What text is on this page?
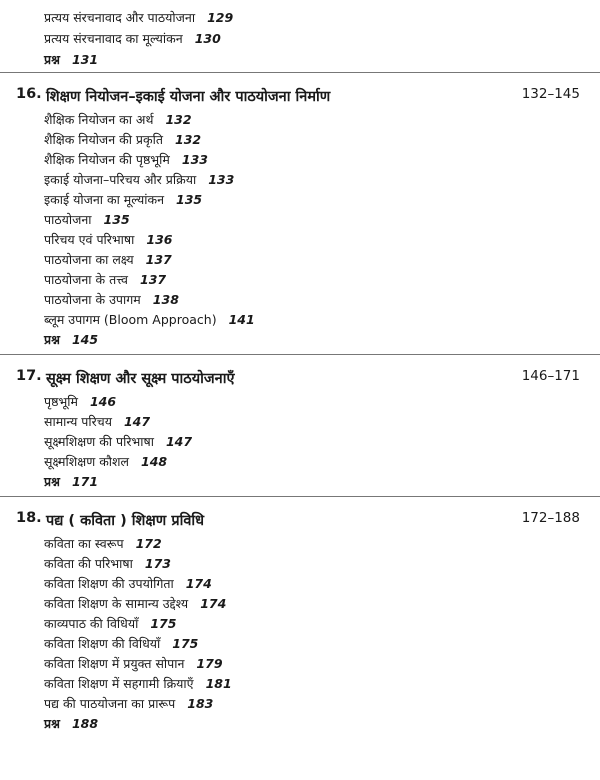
प्रत्यय संरचनावाद और पाठयोजना 129
प्रत्यय संरचनावाद का मूल्यांकन 130
प्रश्न 131
16. शिक्षण नियोजन–इकाई योजना और पाठयोजना निर्माण	132–145
शैक्षिक नियोजन का अर्थ 132
शैक्षिक नियोजन की प्रकृति 132
शैक्षिक नियोजन की पृष्ठभूमि 133
इकाई योजना–परिचय और प्रक्रिया 133
इकाई योजना का मूल्यांकन 135
पाठयोजना 135
परिचय एवं परिभाषा 136
पाठयोजना का लक्ष्य 137
पाठयोजना के तत्त्व 137
पाठयोजना के उपागम 138
ब्लूम उपागम (Bloom Approach) 141
प्रश्न 145
17. सूक्ष्म शिक्षण और सूक्ष्म पाठयोजनाएँ	146–171
पृष्ठभूमि 146
सामान्य परिचय 147
सूक्ष्मशिक्षण की परिभाषा 147
सूक्ष्मशिक्षण कौशल 148
प्रश्न 171
18. पद्य ( कविता ) शिक्षण प्रविधि	172–188
कविता का स्वरूप 172
कविता की परिभाषा 173
कविता शिक्षण की उपयोगिता 174
कविता शिक्षण के सामान्य उद्देश्य 174
काव्यपाठ की विधियाँ 175
कविता शिक्षण की विधियाँ 175
कविता शिक्षण में प्रयुक्त सोपान 179
कविता शिक्षण में सहगामी क्रियाएँ 181
पद्य की पाठयोजना का प्रारूप 183
प्रश्न 188
